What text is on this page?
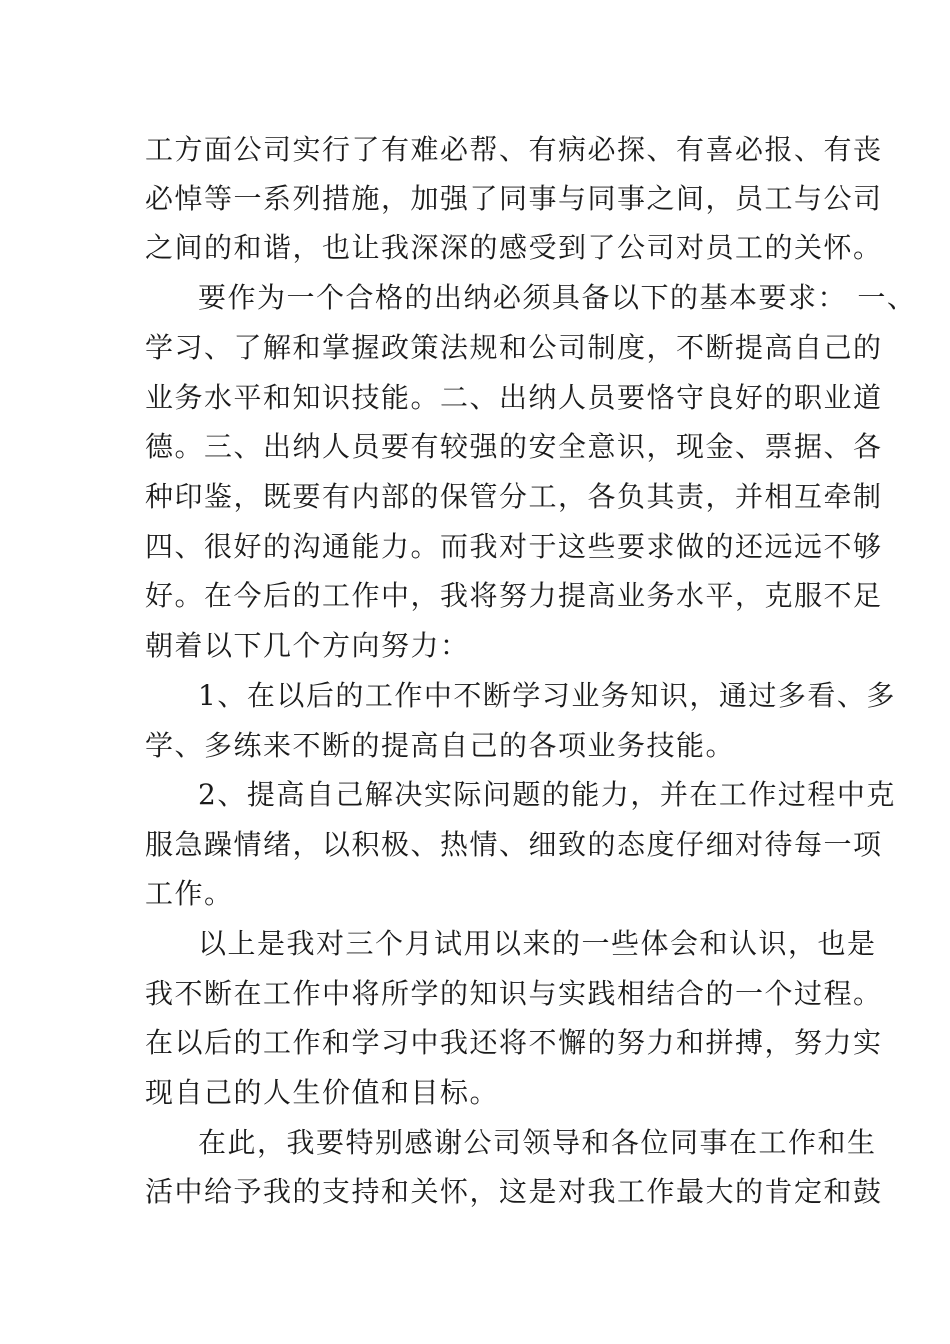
工方面公司实行了有难必帮、有病必探、有喜必报、有丧

必悼等一系列措施，加强了同事与同事之间，员工与公司

之间的和谐，也让我深深的感受到了公司对员工的关怀。

要作为一个合格的出纳必须具备以下的基本要求： 一、

学习、了解和掌握政策法规和公司制度，不断提高自己的

业务水平和知识技能。二、出纳人员要恪守良好的职业道

德。三、出纳人员要有较强的安全意识，现金、票据、各

种印鉴，既要有内部的保管分工，各负其责，并相互牵制

四、很好的沟通能力。而我对于这些要求做的还远远不够

好。在今后的工作中，我将努力提高业务水平，克服不足

朝着以下几个方向努力：

1、在以后的工作中不断学习业务知识，通过多看、多

学、多练来不断的提高自己的各项业务技能。

2、提高自己解决实际问题的能力，并在工作过程中克

服急躁情绪，以积极、热情、细致的态度仔细对待每一项

工作。

以上是我对三个月试用以来的一些体会和认识，也是

我不断在工作中将所学的知识与实践相结合的一个过程。

在以后的工作和学习中我还将不懈的努力和拼搏，努力实

现自己的人生价值和目标。

在此，我要特别感谢公司领导和各位同事在工作和生

活中给予我的支持和关怀，这是对我工作最大的肯定和鼓
